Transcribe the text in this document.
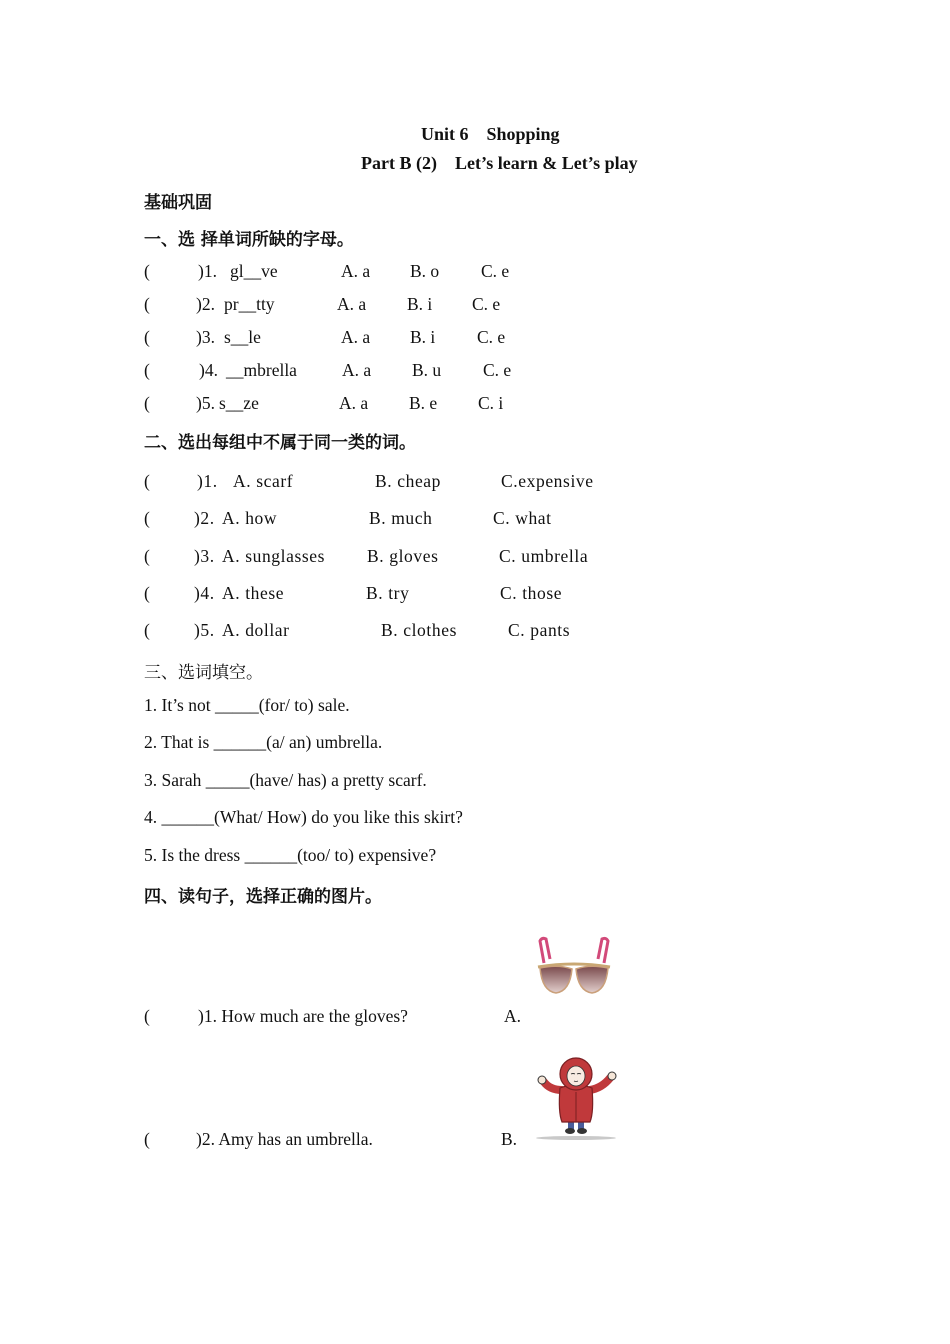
Unit 6    Shopping
Part B (2)    Let’s learn & Let’s play
基础巩固
一、选 择单词所缺的字母。
(	)1. gl__ve	A. a B. o C. e
(	)2. pr__tty	A. a B. i C. e
(	)3. s__le	A. a B. i C. e
(	)4. __mbrella	A. a B. u C. e
(	)5. s__ze	A. a B. e C. i
二、选出每组中不属于同一类的词。
(	)1. A. scarf	B. cheap	C.expensive
( )2. A. how	B. much	C. what
( )3. A. sunglasses B. gloves	C. umbrella
( )4. A. these	B. try	C. those
( )5. A. dollar	B. clothes	C. pants
三、选词填空。
1. It’s not _____(for/ to) sale.
2. That is ______(a/ an) umbrella.
3. Sarah _____(have/ has) a pretty scarf.
4. ______(What/ How) do you like this skirt?
5. Is the dress ______(too/ to) expensive?
四、读句子，选择正确的图片。
(	)1. How much are the gloves?	A.
(	)2. Amy has an umbrella.	B.
